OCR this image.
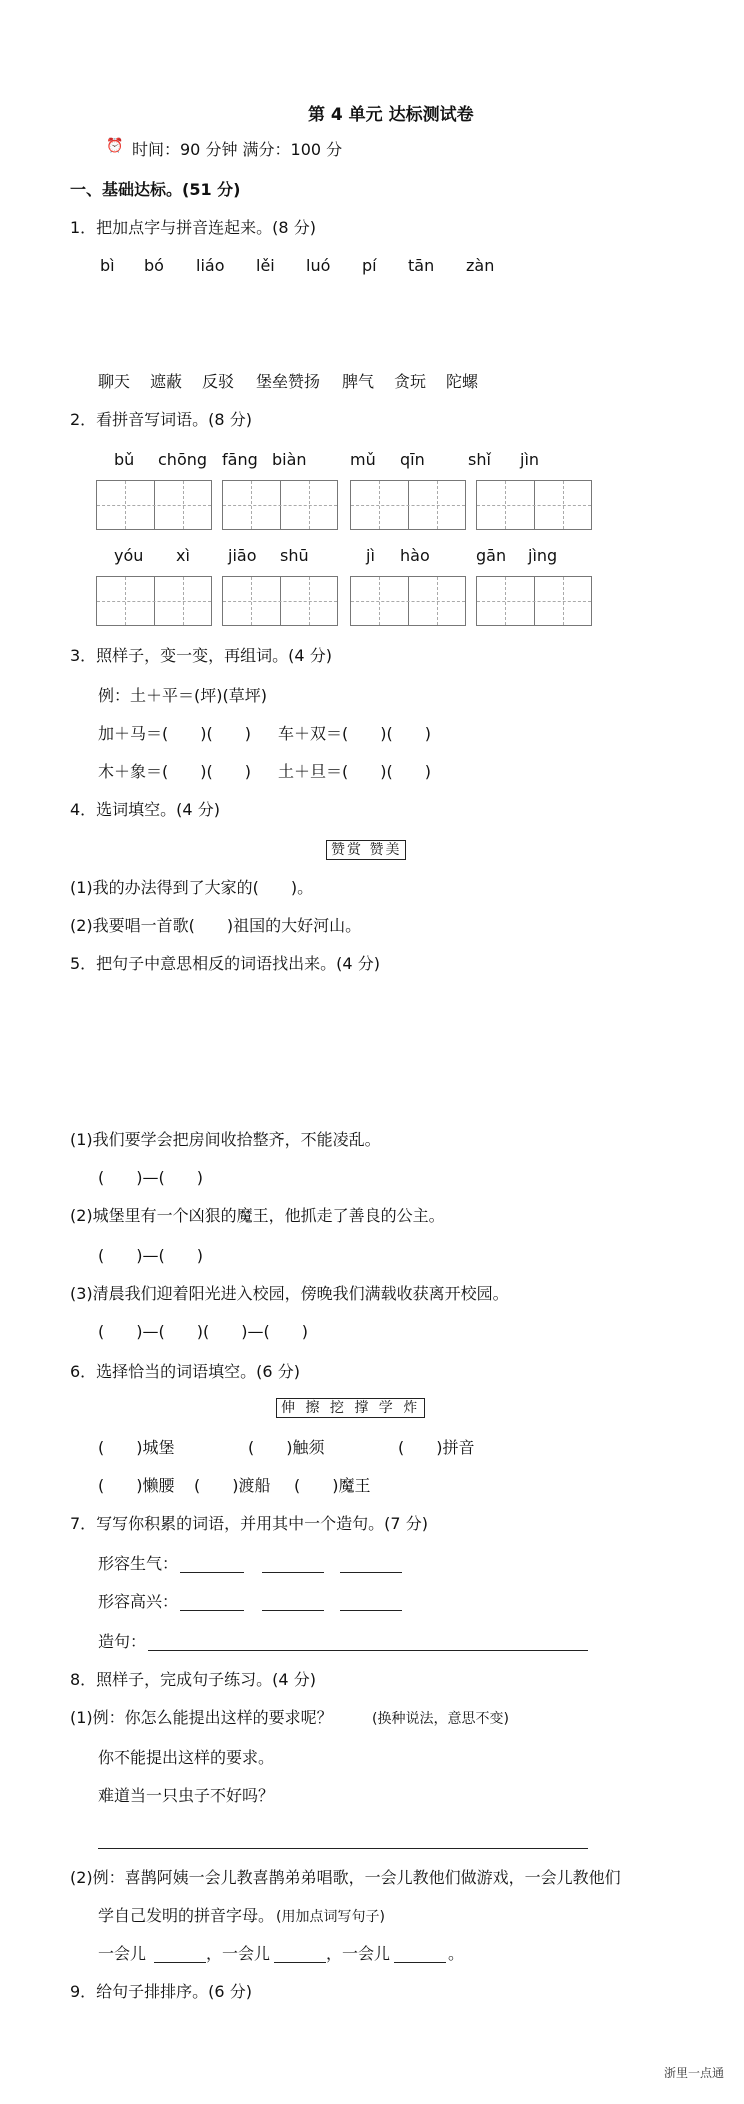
第 4 单元 达标测试卷
⏰ 时间：90 分钟 满分：100 分
一、基础达标。(51 分)
1．把加点字与拼音连起来。(8 分)
bì bó liáo lěi luó pí tān zàn
聊天 遮蔽 反驳 堡垒赞扬 脾气 贪玩 陀螺
2．看拼音写词语。(8 分)
bǔ chōng fāng biàn	mǔ qīn	shǐ jìn
yóu xì jiāo shū	jì hào	gān jìng
3．照样子，变一变，再组词。(4 分)
例：土＋平＝(坪)(草坪)
加＋马＝(　　)(　　) 车＋双＝(　　)(　　)
木＋象＝(　　)(　　) 土＋旦＝(　　)(　　)
4．选词填空。(4 分)
赞赏 赞美
(1)我的办法得到了大家的(　　)。
(2)我要唱一首歌(　　)祖国的大好河山。
5．把句子中意思相反的词语找出来。(4 分)
(1)我们要学会把房间收拾整齐，不能凌乱。
(　　)—(　　)
(2)城堡里有一个凶狠的魔王，他抓走了善良的公主。
(　　)—(　　)
(3)清晨我们迎着阳光进入校园，傍晚我们满载收获离开校园。
(　　)—(　　)(　　)—(　　)
6．选择恰当的词语填空。(6 分)
伸 擦 挖 撑 学 炸
(　　)城堡	(　　)触须	(　　)拼音
(　　)懒腰 (　　)渡船 (　　)魔王
7．写写你积累的词语，并用其中一个造句。(7 分)
形容生气：
形容高兴：
造句：
8．照样子，完成句子练习。(4 分)
(1)例：你怎么能提出这样的要求呢？	(换种说法，意思不变)
你不能提出这样的要求。
难道当一只虫子不好吗？
(2)例：喜鹊阿姨一会儿教喜鹊弟弟唱歌，一会儿教他们做游戏，一会儿教他们
学自己发明的拼音字母。 (用加点词写句子)
一会儿	，一会儿	，一会儿	。
9．给句子排排序。(6 分)
浙里一点通
